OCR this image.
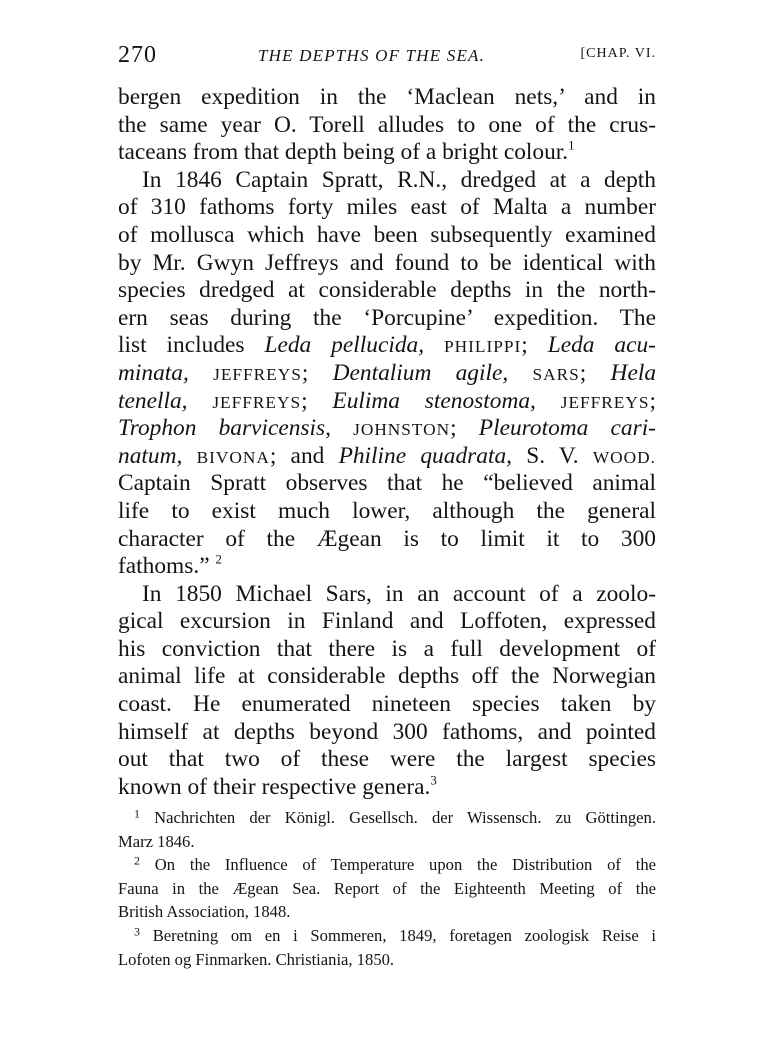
270	THE DEPTHS OF THE SEA.	[CHAP. VI.
bergen expedition in the ‘Maclean nets,’ and in
the same year O. Torell alludes to one of the crus-
taceans from that depth being of a bright colour.$^1$
In 1846 Captain Spratt, R.N., dredged at a depth
of 310 fathoms forty miles east of Malta a number
of mollusca which have been subsequently examined
by Mr. Gwyn Jeffreys and found to be identical with
species dredged at considerable depths in the north-
ern seas during the ‘Porcupine’ expedition. The
list includes Leda pellucida, PHILIPPI; Leda acu-
minata, JEFFREYS; Dentalium agile, SARS; Hela
tenella, JEFFREYS; Eulima stenostoma, JEFFREYS;
Trophon barvicensis, JOHNSTON; Pleurotoma cari-
natum, BIVONA; and Philine quadrata, S. V. WOOD.
Captain Spratt observes that he “believed animal
life to exist much lower, although the general
character of the Ægean is to limit it to 300
fathoms.” $^2$
In 1850 Michael Sars, in an account of a zoolo-
gical excursion in Finland and Loffoten, expressed
his conviction that there is a full development of
animal life at considerable depths off the Norwegian
coast. He enumerated nineteen species taken by
himself at depths beyond 300 fathoms, and pointed
out that two of these were the largest species
known of their respective genera.$^3$
$^1$ Nachrichten der Königl. Gesellsch. der Wissensch. zu Göttingen.
Marz 1846.
$^2$ On the Influence of Temperature upon the Distribution of the
Fauna in the Ægean Sea. Report of the Eighteenth Meeting of the
British Association, 1848.
$^3$ Beretning om en i Sommeren, 1849, foretagen zoologisk Reise i
Lofoten og Finmarken. Christiania, 1850.
